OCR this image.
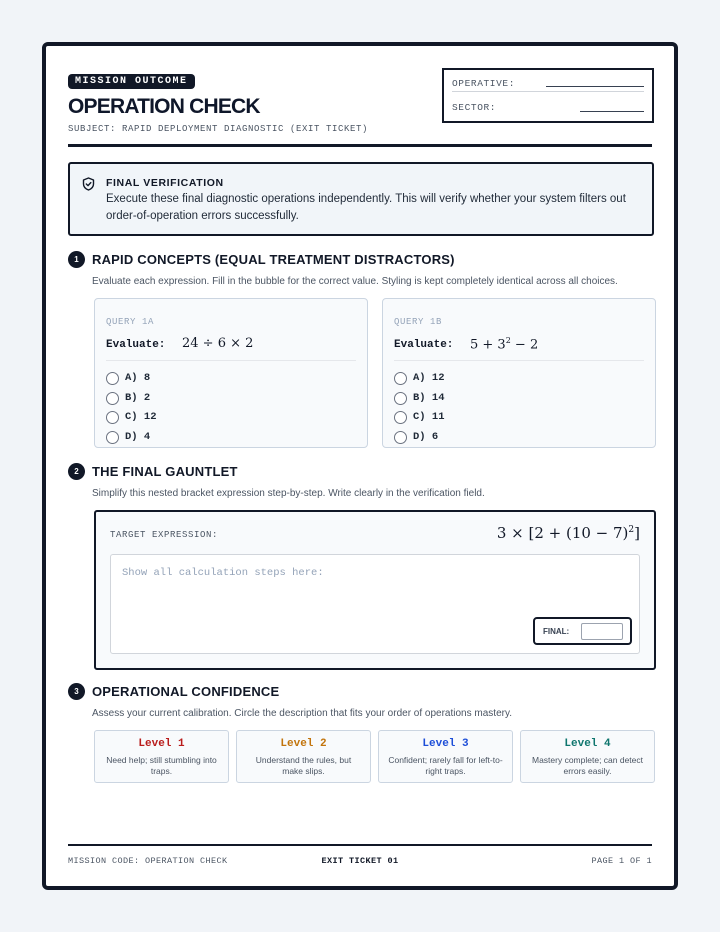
MISSION OUTCOME
OPERATION CHECK
SUBJECT: RAPID DEPLOYMENT DIAGNOSTIC (EXIT TICKET)
OPERATIVE:
SECTOR:
FINAL VERIFICATION
Execute these final diagnostic operations independently. This will verify whether your system filters out order-of-operation errors successfully.
1	RAPID CONCEPTS (EQUAL TREATMENT DISTRACTORS)
Evaluate each expression. Fill in the bubble for the correct value. Styling is kept completely identical across all choices.
QUERY 1A
Evaluate: 24 ÷ 6 × 2
A) 8
B) 2
C) 12
D) 4
QUERY 1B
Evaluate: $5 + 3^2 - 2$
A) 12
B) 14
C) 11
D) 6
2	THE FINAL GAUNTLET
Simplify this nested bracket expression step-by-step. Write clearly in the verification field.
TARGET EXPRESSION:	$3 \times [2 + (10 - 7)^2]$
Show all calculation steps here:
FINAL:
3	OPERATIONAL CONFIDENCE
Assess your current calibration. Circle the description that fits your order of operations mastery.
Level 1
Need help; still stumbling into traps.
Level 2
Understand the rules, but make slips.
Level 3
Confident; rarely fall for left-to-right traps.
Level 4
Mastery complete; can detect errors easily.
MISSION CODE: OPERATION CHECK	EXIT TICKET 01	PAGE 1 OF 1
